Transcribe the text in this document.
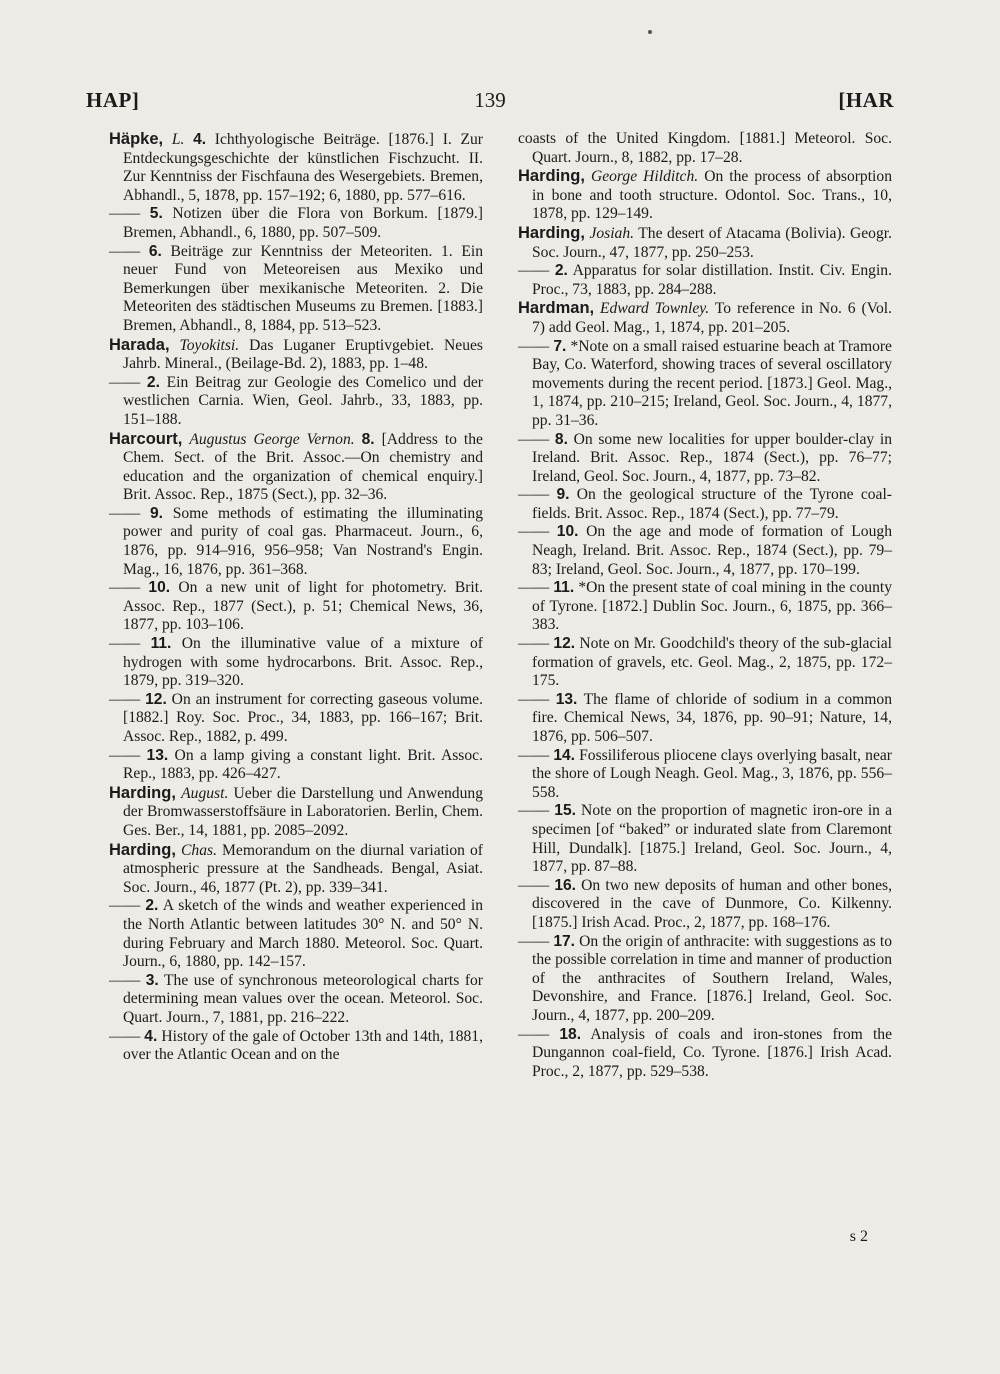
HAP]	139	[HAR

Häpke, L. 4. Ichthyologische Beiträge. [1876.] I. Zur Entdeckungsgeschichte der künstlichen Fischzucht. II. Zur Kenntniss der Fischfauna des Wesergebiets. Bremen, Abhandl., 5, 1878, pp. 157–192; 6, 1880, pp. 577–616.

—— 5. Notizen über die Flora von Borkum. [1879.] Bremen, Abhandl., 6, 1880, pp. 507–509.

—— 6. Beiträge zur Kenntniss der Meteoriten. 1. Ein neuer Fund von Meteoreisen aus Mexiko und Bemerkungen über mexikanische Meteoriten. 2. Die Meteoriten des städtischen Museums zu Bremen. [1883.] Bremen, Abhandl., 8, 1884, pp. 513–523.

Harada, Toyokitsi. Das Luganer Eruptivgebiet. Neues Jahrb. Mineral., (Beilage-Bd. 2), 1883, pp. 1–48.

—— 2. Ein Beitrag zur Geologie des Comelico und der westlichen Carnia. Wien, Geol. Jahrb., 33, 1883, pp. 151–188.

Harcourt, Augustus George Vernon. 8. [Address to the Chem. Sect. of the Brit. Assoc.—On chemistry and education and the organization of chemical enquiry.] Brit. Assoc. Rep., 1875 (Sect.), pp. 32–36.

—— 9. Some methods of estimating the illuminating power and purity of coal gas. Pharmaceut. Journ., 6, 1876, pp. 914–916, 956–958; Van Nostrand's Engin. Mag., 16, 1876, pp. 361–368.

—— 10. On a new unit of light for photometry. Brit. Assoc. Rep., 1877 (Sect.), p. 51; Chemical News, 36, 1877, pp. 103–106.

—— 11. On the illuminative value of a mixture of hydrogen with some hydrocarbons. Brit. Assoc. Rep., 1879, pp. 319–320.

—— 12. On an instrument for correcting gaseous volume. [1882.] Roy. Soc. Proc., 34, 1883, pp. 166–167; Brit. Assoc. Rep., 1882, p. 499.

—— 13. On a lamp giving a constant light. Brit. Assoc. Rep., 1883, pp. 426–427.

Harding, August. Ueber die Darstellung und Anwendung der Bromwasserstoffsäure in Laboratorien. Berlin, Chem. Ges. Ber., 14, 1881, pp. 2085–2092.

Harding, Chas. Memorandum on the diurnal variation of atmospheric pressure at the Sandheads. Bengal, Asiat. Soc. Journ., 46, 1877 (Pt. 2), pp. 339–341.

—— 2. A sketch of the winds and weather experienced in the North Atlantic between latitudes 30° N. and 50° N. during February and March 1880. Meteorol. Soc. Quart. Journ., 6, 1880, pp. 142–157.

—— 3. The use of synchronous meteorological charts for determining mean values over the ocean. Meteorol. Soc. Quart. Journ., 7, 1881, pp. 216–222.

—— 4. History of the gale of October 13th and 14th, 1881, over the Atlantic Ocean and on the

coasts of the United Kingdom. [1881.] Meteorol. Soc. Quart. Journ., 8, 1882, pp. 17–28.

Harding, George Hilditch. On the process of absorption in bone and tooth structure. Odontol. Soc. Trans., 10, 1878, pp. 129–149.

Harding, Josiah. The desert of Atacama (Bolivia). Geogr. Soc. Journ., 47, 1877, pp. 250–253.

—— 2. Apparatus for solar distillation. Instit. Civ. Engin. Proc., 73, 1883, pp. 284–288.

Hardman, Edward Townley. To reference in No. 6 (Vol. 7) add Geol. Mag., 1, 1874, pp. 201–205.

—— 7. *Note on a small raised estuarine beach at Tramore Bay, Co. Waterford, showing traces of several oscillatory movements during the recent period. [1873.] Geol. Mag., 1, 1874, pp. 210–215; Ireland, Geol. Soc. Journ., 4, 1877, pp. 31–36.

—— 8. On some new localities for upper boulder-clay in Ireland. Brit. Assoc. Rep., 1874 (Sect.), pp. 76–77; Ireland, Geol. Soc. Journ., 4, 1877, pp. 73–82.

—— 9. On the geological structure of the Tyrone coal-fields. Brit. Assoc. Rep., 1874 (Sect.), pp. 77–79.

—— 10. On the age and mode of formation of Lough Neagh, Ireland. Brit. Assoc. Rep., 1874 (Sect.), pp. 79–83; Ireland, Geol. Soc. Journ., 4, 1877, pp. 170–199.

—— 11. *On the present state of coal mining in the county of Tyrone. [1872.] Dublin Soc. Journ., 6, 1875, pp. 366–383.

—— 12. Note on Mr. Goodchild's theory of the sub-glacial formation of gravels, etc. Geol. Mag., 2, 1875, pp. 172–175.

—— 13. The flame of chloride of sodium in a common fire. Chemical News, 34, 1876, pp. 90–91; Nature, 14, 1876, pp. 506–507.

—— 14. Fossiliferous pliocene clays overlying basalt, near the shore of Lough Neagh. Geol. Mag., 3, 1876, pp. 556–558.

—— 15. Note on the proportion of magnetic iron-ore in a specimen [of “baked” or indurated slate from Claremont Hill, Dundalk]. [1875.] Ireland, Geol. Soc. Journ., 4, 1877, pp. 87–88.

—— 16. On two new deposits of human and other bones, discovered in the cave of Dunmore, Co. Kilkenny. [1875.] Irish Acad. Proc., 2, 1877, pp. 168–176.

—— 17. On the origin of anthracite: with suggestions as to the possible correlation in time and manner of production of the anthracites of Southern Ireland, Wales, Devonshire, and France. [1876.] Ireland, Geol. Soc. Journ., 4, 1877, pp. 200–209.

—— 18. Analysis of coals and iron-stones from the Dungannon coal-field, Co. Tyrone. [1876.] Irish Acad. Proc., 2, 1877, pp. 529–538.

s 2
